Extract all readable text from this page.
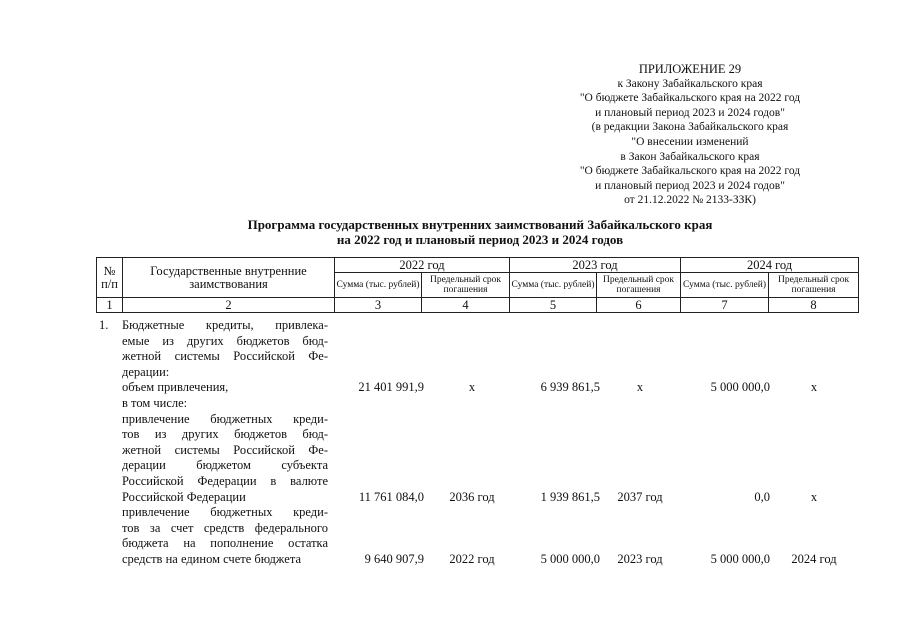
ПРИЛОЖЕНИЕ 29
к Закону Забайкальского края
"О бюджете Забайкальского края на 2022 год
и плановый период 2023 и 2024 годов"
(в редакции Закона Забайкальского края
"О внесении изменений
в Закон Забайкальского края
"О бюджете Забайкальского края на 2022 год
и плановый период 2023 и 2024 годов"
от 21.12.2022 № 2133-ЗЗК)
Программа государственных внутренних заимствований Забайкальского края
на 2022 год и плановый период 2023 и 2024 годов
№ п/п	Государственные внутренние заимствования	2022 год		2023 год		2024 год	
		Сумма (тыс. рублей)	Предельный срок погашения	Сумма (тыс. рублей)	Предельный срок погашения	Сумма (тыс. рублей)	Предельный срок погашения
1	2	3	4	5	6	7	8
1. Бюджетные кредиты, привлека-
емые из других бюджетов бюд-
жетной системы Российской Фе-
дерации:
объем привлечения,	21 401 991,9	х	6 939 861,5	х	5 000 000,0	х
в том числе:
привлечение бюджетных креди-
тов из других бюджетов бюд-
жетной системы Российской Фе-
дерации бюджетом субъекта
Российской Федерации в валюте
Российской Федерации	11 761 084,0	2036 год	1 939 861,5	2037 год	0,0	х
привлечение бюджетных креди-
тов за счет средств федерального
бюджета на пополнение остатка
средств на едином счете бюджета	9 640 907,9	2022 год	5 000 000,0	2023 год	5 000 000,0	2024 год
